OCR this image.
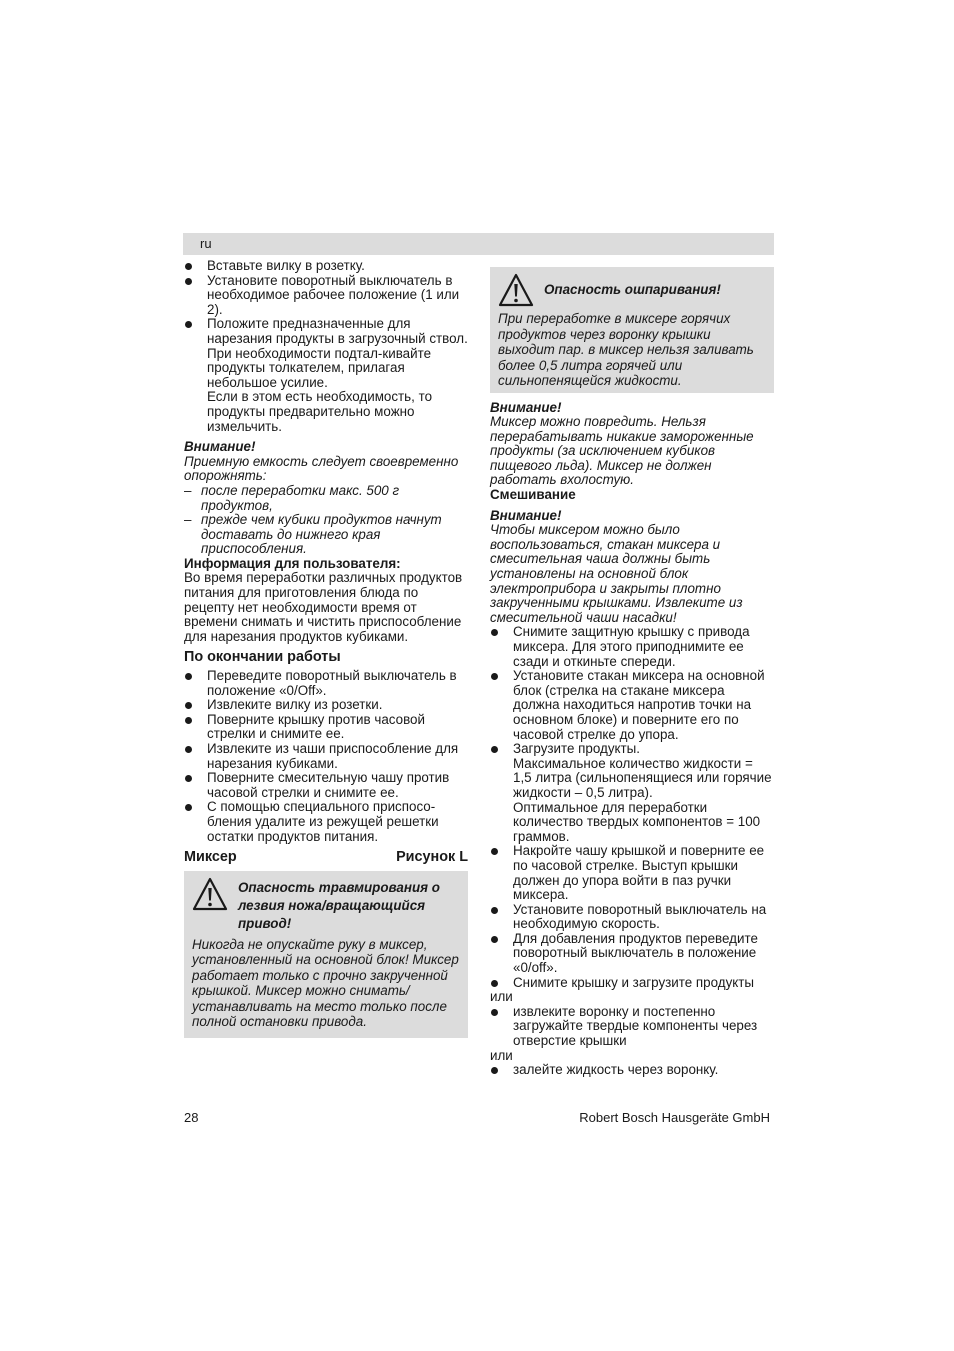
ru
Вставьте вилку в розетку.
Установите поворотный выключатель в необходимое рабочее положение (1 или 2).
Положите предназначенные для нарезания продукты в загрузочный ствол. При необходимости подтал-кивайте продукты толкателем, прилагая небольшое усилие.

Если в этом есть необходимость, то продукты предварительно можно измельчить.

Внимание!

Приемную емкость следует своевременно опорожнять:

– после переработки макс. 500 г продуктов,
– прежде чем кубики продуктов начнут доставать до нижнего края приспособления.

Информация для пользователя:

Во время переработки различных продуктов питания для приготовления блюда по рецепту нет необходимости время от времени снимать и чистить приспособление для нарезания продуктов кубиками.

По окончании работы

Переведите поворотный выключатель в положение «0/Off».
Извлеките вилку из розетки.
Поверните крышку против часовой стрелки и снимите ее.
Извлеките из чаши приспособление для нарезания кубиками.
Поверните смесительную чашу против часовой стрелки и снимите ее.
С помощью специального приспосо-бления удалите из режущей решетки остатки продуктов питания.
Миксер	Рисунок L
Опасность травмирования о лезвия ножа/вращающийся привод!

Никогда не опускайте руку в миксер, установленный на основной блок! Миксер работает только с прочно закрученной крышкой. Миксер можно снимать/устанавливать на место только после полной остановки привода.

Опасность ошпаривания!

При переработке в миксере горячих продуктов через воронку крышки выходит пар. в миксер нельзя заливать более 0,5 литра горячей или сильнопенящейся жидкости.

Внимание!

Миксер можно повредить. Нельзя перерабатывать никакие замороженные продукты (за исключением кубиков пищевого льда). Миксер не должен работать вхолостую.

Смешивание

Внимание!

Чтобы миксером можно было воспользоваться, стакан миксера и смесительная чаша должны быть установлены на основной блок электроприбора и закрыты плотно закрученными крышками. Извлеките из смесительной чаши насадки!

Снимите защитную крышку с привода миксера. Для этого приподнимите ее сзади и откиньте спереди.
Установите стакан миксера на основной блок (стрелка на стакане миксера должна находиться напротив точки на основном блоке) и поверните его по часовой стрелке до упора.
Загрузите продукты.

Максимальное количество жидкости = 1,5 литра (сильнопенящиеся или горячие жидкости – 0,5 литра).

Оптимальное для переработки количество твердых компонентов = 100 граммов.

Накройте чашу крышкой и поверните ее по часовой стрелке. Выступ крышки должен до упора войти в паз ручки миксера.
Установите поворотный выключатель на необходимую скорость.
Для добавления продуктов переведите поворотный выключатель в положение «0/off».
Снимите крышку и загрузите продукты

или

извлеките воронку и постепенно загружайте твердые компоненты через отверстие крышки

или

залейте жидкость через воронку.
28	Robert Bosch Hausgeräte GmbH
